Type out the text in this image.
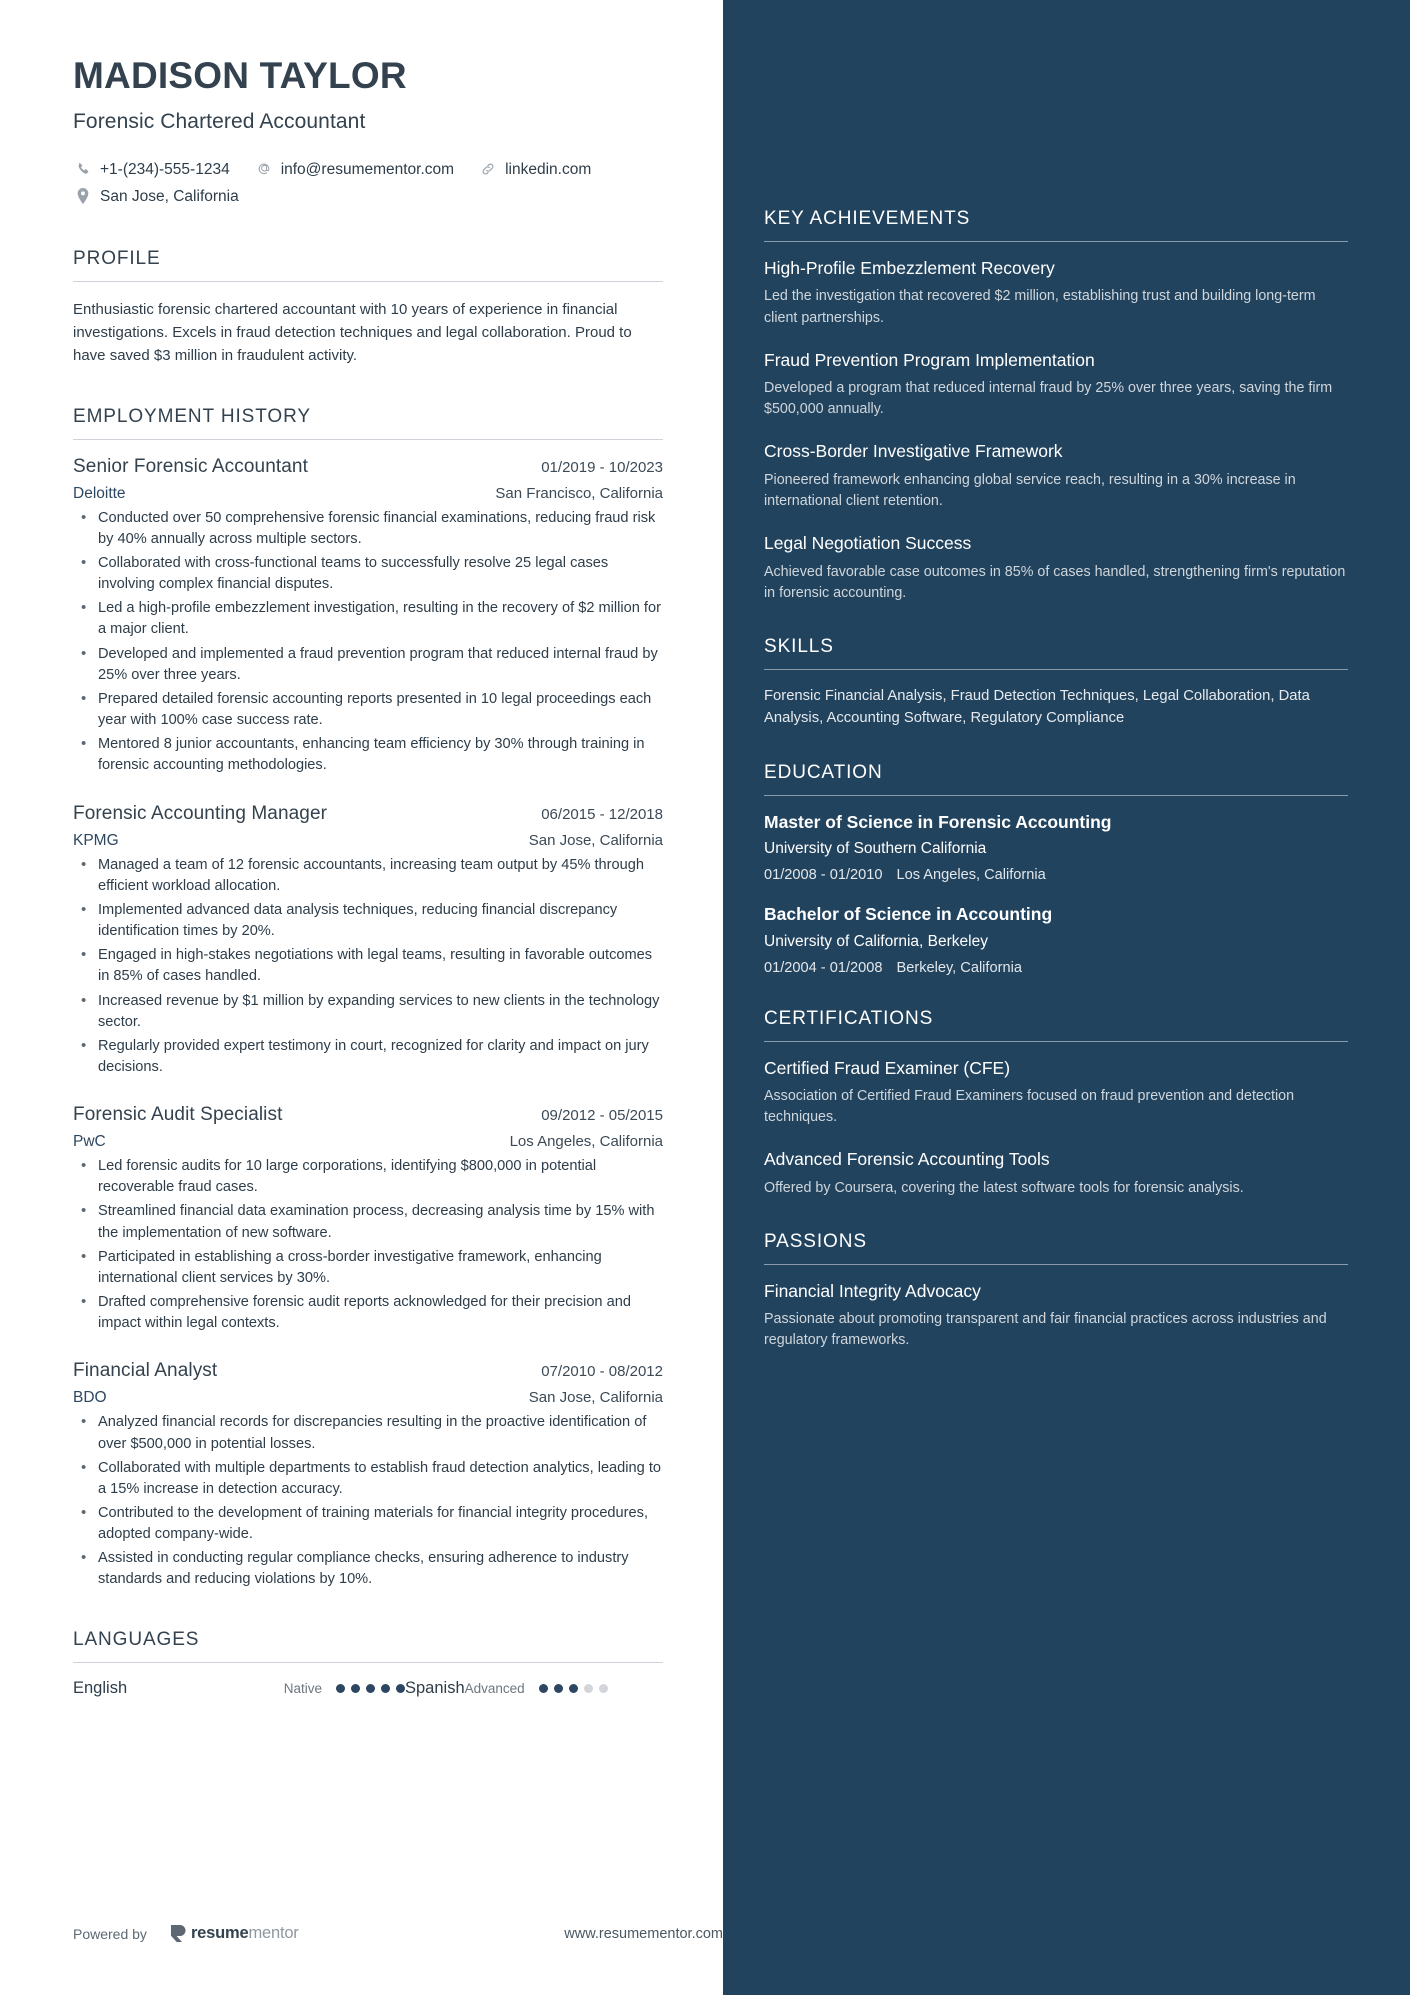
MADISON TAYLOR
Forensic Chartered Accountant
+1-(234)-555-1234	info@resumementor.com	linkedin.com
San Jose, California
PROFILE
Enthusiastic forensic chartered accountant with 10 years of experience in financial investigations. Excels in fraud detection techniques and legal collaboration. Proud to have saved $3 million in fraudulent activity.
EMPLOYMENT HISTORY
Senior Forensic Accountant	01/2019 - 10/2023
Deloitte	San Francisco, California
• Conducted over 50 comprehensive forensic financial examinations, reducing fraud risk by 40% annually across multiple sectors.
• Collaborated with cross-functional teams to successfully resolve 25 legal cases involving complex financial disputes.
• Led a high-profile embezzlement investigation, resulting in the recovery of $2 million for a major client.
• Developed and implemented a fraud prevention program that reduced internal fraud by 25% over three years.
• Prepared detailed forensic accounting reports presented in 10 legal proceedings each year with 100% case success rate.
• Mentored 8 junior accountants, enhancing team efficiency by 30% through training in forensic accounting methodologies.
Forensic Accounting Manager	06/2015 - 12/2018
KPMG	San Jose, California
• Managed a team of 12 forensic accountants, increasing team output by 45% through efficient workload allocation.
• Implemented advanced data analysis techniques, reducing financial discrepancy identification times by 20%.
• Engaged in high-stakes negotiations with legal teams, resulting in favorable outcomes in 85% of cases handled.
• Increased revenue by $1 million by expanding services to new clients in the technology sector.
• Regularly provided expert testimony in court, recognized for clarity and impact on jury decisions.
Forensic Audit Specialist	09/2012 - 05/2015
PwC	Los Angeles, California
• Led forensic audits for 10 large corporations, identifying $800,000 in potential recoverable fraud cases.
• Streamlined financial data examination process, decreasing analysis time by 15% with the implementation of new software.
• Participated in establishing a cross-border investigative framework, enhancing international client services by 30%.
• Drafted comprehensive forensic audit reports acknowledged for their precision and impact within legal contexts.
Financial Analyst	07/2010 - 08/2012
BDO	San Jose, California
• Analyzed financial records for discrepancies resulting in the proactive identification of over $500,000 in potential losses.
• Collaborated with multiple departments to establish fraud detection analytics, leading to a 15% increase in detection accuracy.
• Contributed to the development of training materials for financial integrity procedures, adopted company-wide.
• Assisted in conducting regular compliance checks, ensuring adherence to industry standards and reducing violations by 10%.
LANGUAGES
English	Native	Spanish Advanced
Powered by	resumementor	www.resumementor.com
KEY ACHIEVEMENTS
High-Profile Embezzlement Recovery
Led the investigation that recovered $2 million, establishing trust and building long-term client partnerships.
Fraud Prevention Program Implementation
Developed a program that reduced internal fraud by 25% over three years, saving the firm $500,000 annually.
Cross-Border Investigative Framework
Pioneered framework enhancing global service reach, resulting in a 30% increase in international client retention.
Legal Negotiation Success
Achieved favorable case outcomes in 85% of cases handled, strengthening firm's reputation in forensic accounting.
SKILLS
Forensic Financial Analysis, Fraud Detection Techniques, Legal Collaboration, Data Analysis, Accounting Software, Regulatory Compliance
EDUCATION
Master of Science in Forensic Accounting
University of Southern California
01/2008 - 01/2010 Los Angeles, California
Bachelor of Science in Accounting
University of California, Berkeley
01/2004 - 01/2008 Berkeley, California
CERTIFICATIONS
Certified Fraud Examiner (CFE)
Association of Certified Fraud Examiners focused on fraud prevention and detection techniques.
Advanced Forensic Accounting Tools
Offered by Coursera, covering the latest software tools for forensic analysis.
PASSIONS
Financial Integrity Advocacy
Passionate about promoting transparent and fair financial practices across industries and regulatory frameworks.
